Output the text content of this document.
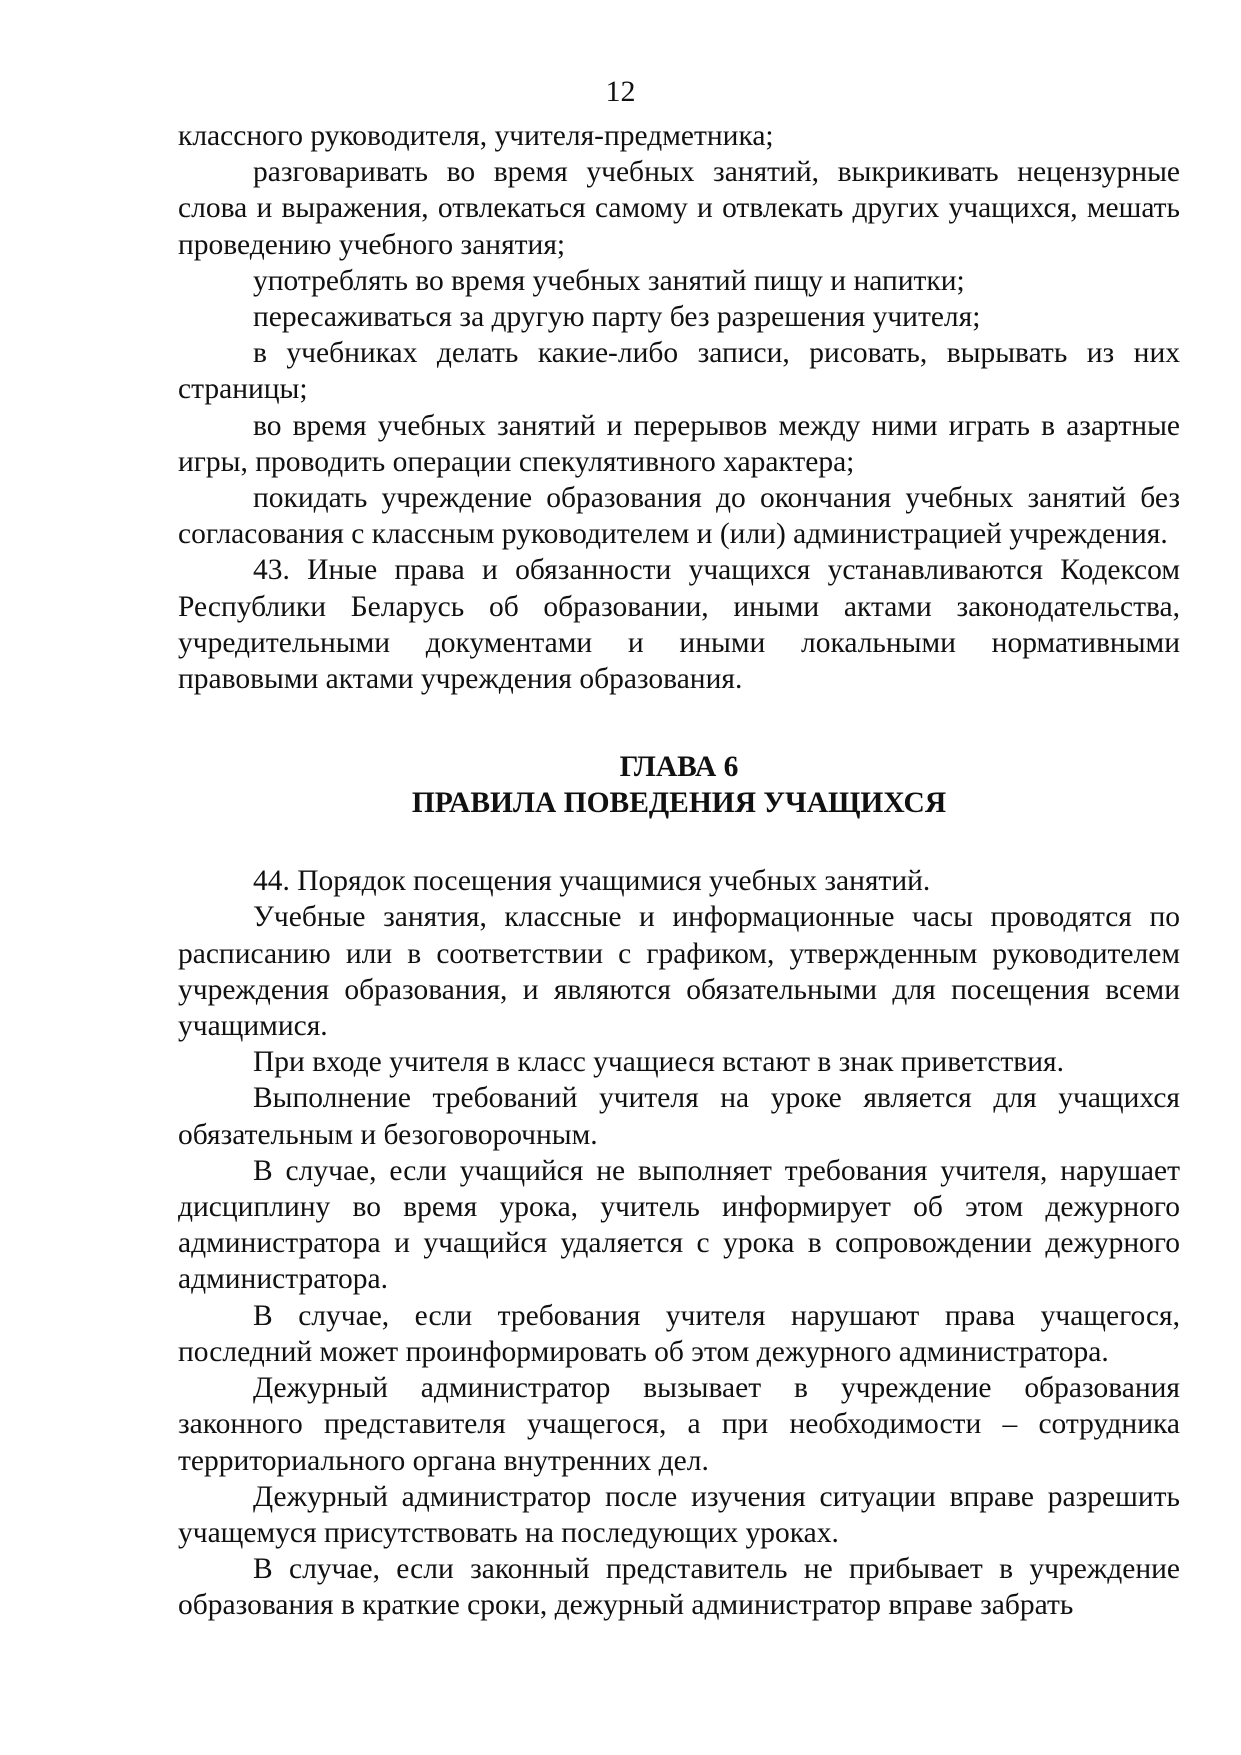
12

классного руководителя, учителя-предметника;

разговаривать во время учебных занятий, выкрикивать нецензурные слова и выражения, отвлекаться самому и отвлекать других учащихся, мешать проведению учебного занятия;

употреблять во время учебных занятий пищу и напитки;

пересаживаться за другую парту без разрешения учителя;

в учебниках делать какие-либо записи, рисовать, вырывать из них страницы;

во время учебных занятий и перерывов между ними играть в азартные игры, проводить операции спекулятивного характера;

покидать учреждение образования до окончания учебных занятий без согласования с классным руководителем и (или) администрацией учреждения.

43. Иные права и обязанности учащихся устанавливаются Кодексом Республики Беларусь об образовании, иными актами законодательства, учредительными документами и иными локальными нормативными правовыми актами учреждения образования.

ГЛАВА 6
ПРАВИЛА ПОВЕДЕНИЯ УЧАЩИХСЯ

44. Порядок посещения учащимися учебных занятий.

Учебные занятия, классные и информационные часы проводятся по расписанию или в соответствии с графиком, утвержденным руководителем учреждения образования, и являются обязательными для посещения всеми учащимися.

При входе учителя в класс учащиеся встают в знак приветствия.

Выполнение требований учителя на уроке является для учащихся обязательным и безоговорочным.

В случае, если учащийся не выполняет требования учителя, нарушает дисциплину во время урока, учитель информирует об этом дежурного администратора и учащийся удаляется с урока в сопровождении дежурного администратора.

В случае, если требования учителя нарушают права учащегося, последний может проинформировать об этом дежурного администратора.

Дежурный администратор вызывает в учреждение образования законного представителя учащегося, а при необходимости – сотрудника территориального органа внутренних дел.

Дежурный администратор после изучения ситуации вправе разрешить учащемуся присутствовать на последующих уроках.

В случае, если законный представитель не прибывает в учреждение образования в краткие сроки, дежурный администратор вправе забрать
